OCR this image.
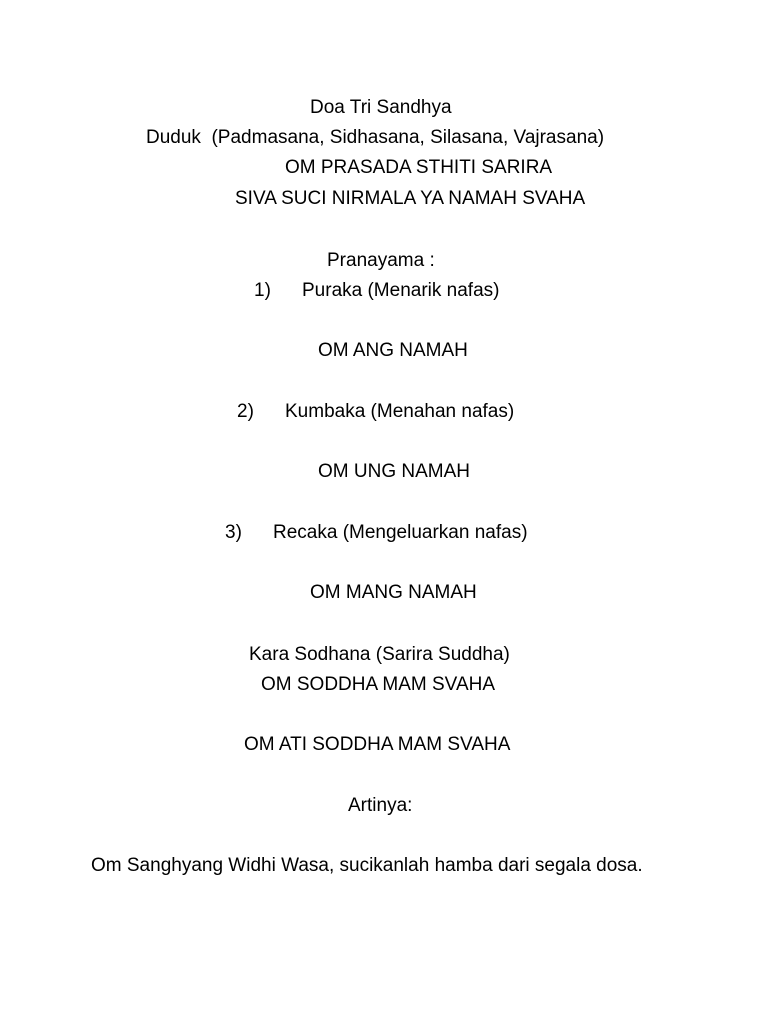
Doa Tri Sandhya
Duduk  (Padmasana, Sidhasana, Silasana, Vajrasana)
OM PRASADA STHITI SARIRA
SIVA SUCI NIRMALA YA NAMAH SVAHA
Pranayama :
1) Puraka (Menarik nafas)
OM ANG NAMAH
2) Kumbaka (Menahan nafas)
OM UNG NAMAH
3) Recaka (Mengeluarkan nafas)
OM MANG NAMAH
Kara Sodhana (Sarira Suddha)
OM SODDHA MAM SVAHA
OM ATI SODDHA MAM SVAHA
Artinya:
Om Sanghyang Widhi Wasa, sucikanlah hamba dari segala dosa.
